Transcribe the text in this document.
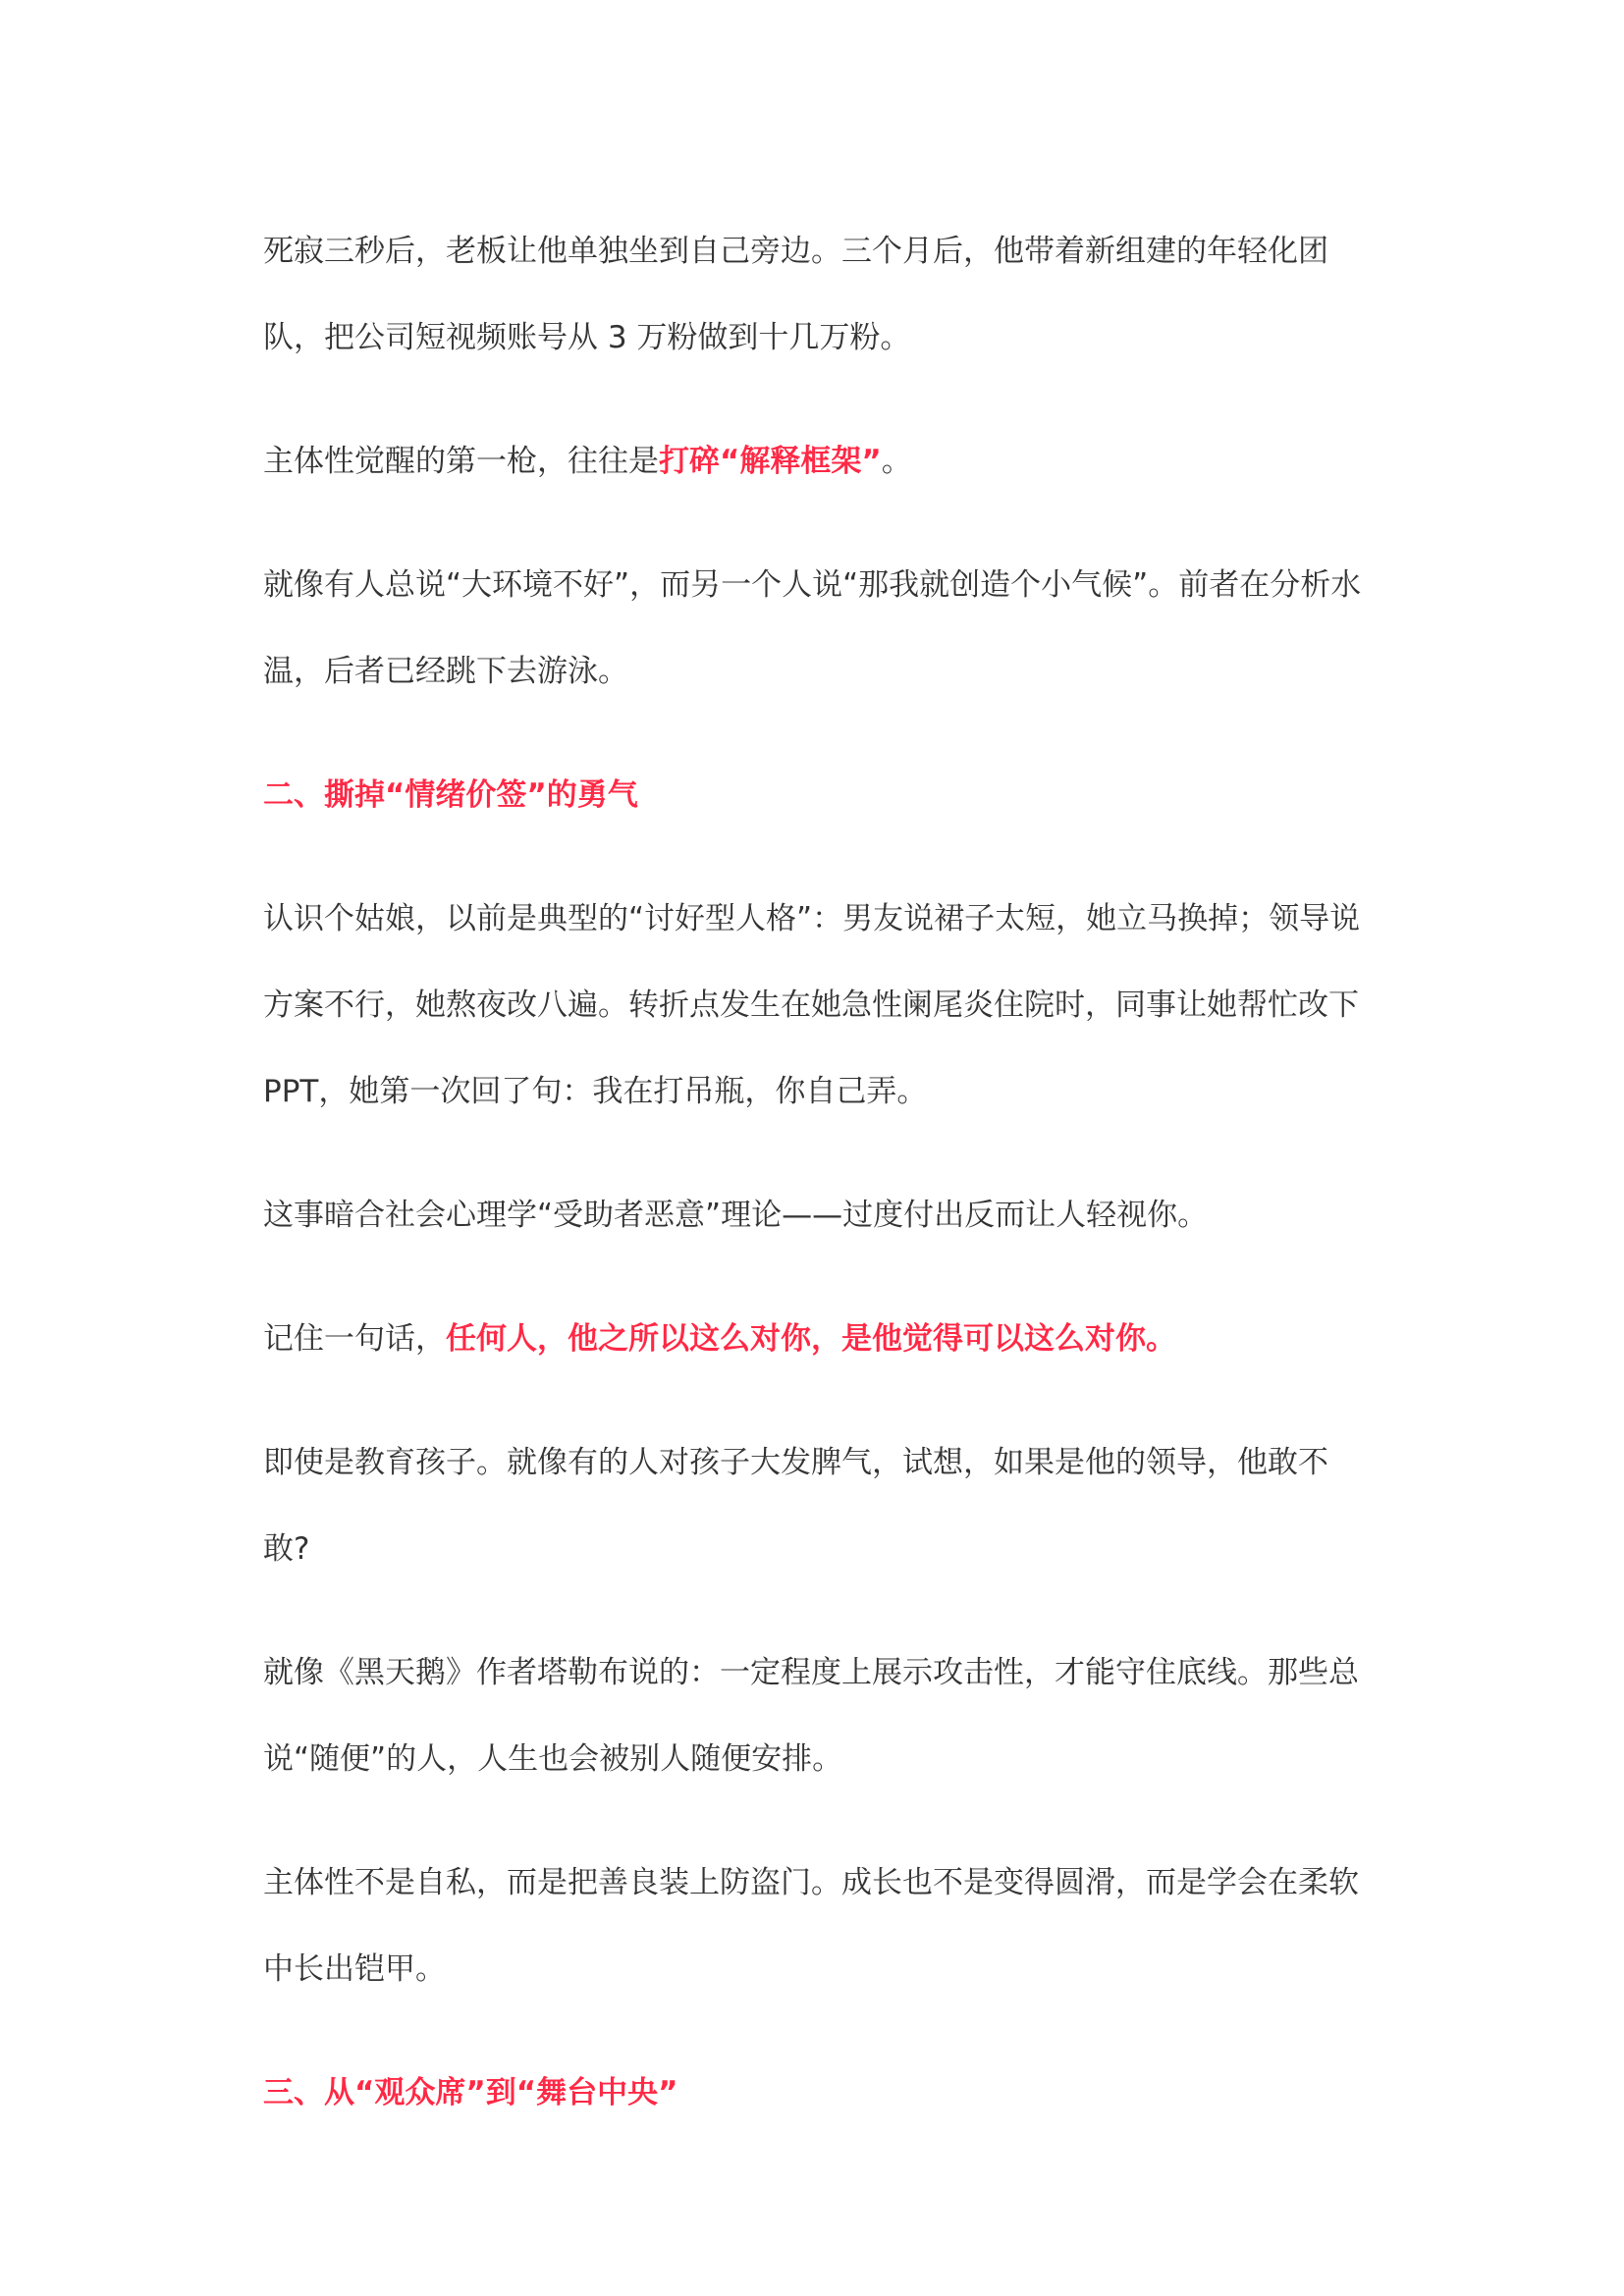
死寂三秒后，老板让他单独坐到自己旁边。三个月后，他带着新组建的年轻化团队，把公司短视频账号从 3 万粉做到十几万粉。

主体性觉醒的第一枪，往往是打碎“解释框架”。

就像有人总说“大环境不好”，而另一个人说“那我就创造个小气候”。前者在分析水温，后者已经跳下去游泳。

二、撕掉“情绪价签”的勇气

认识个姑娘，以前是典型的“讨好型人格”：男友说裙子太短，她立马换掉；领导说方案不行，她熬夜改八遍。转折点发生在她急性阑尾炎住院时，同事让她帮忙改下 PPT，她第一次回了句：我在打吊瓶，你自己弄。

这事暗合社会心理学“受助者恶意”理论——过度付出反而让人轻视你。

记住一句话，任何人，他之所以这么对你，是他觉得可以这么对你。

即使是教育孩子。就像有的人对孩子大发脾气，试想，如果是他的领导，他敢不敢?

就像《黑天鹅》作者塔勒布说的：一定程度上展示攻击性，才能守住底线。那些总说“随便”的人，人生也会被别人随便安排。

主体性不是自私，而是把善良装上防盗门。成长也不是变得圆滑，而是学会在柔软中长出铠甲。

三、从“观众席”到“舞台中央”
